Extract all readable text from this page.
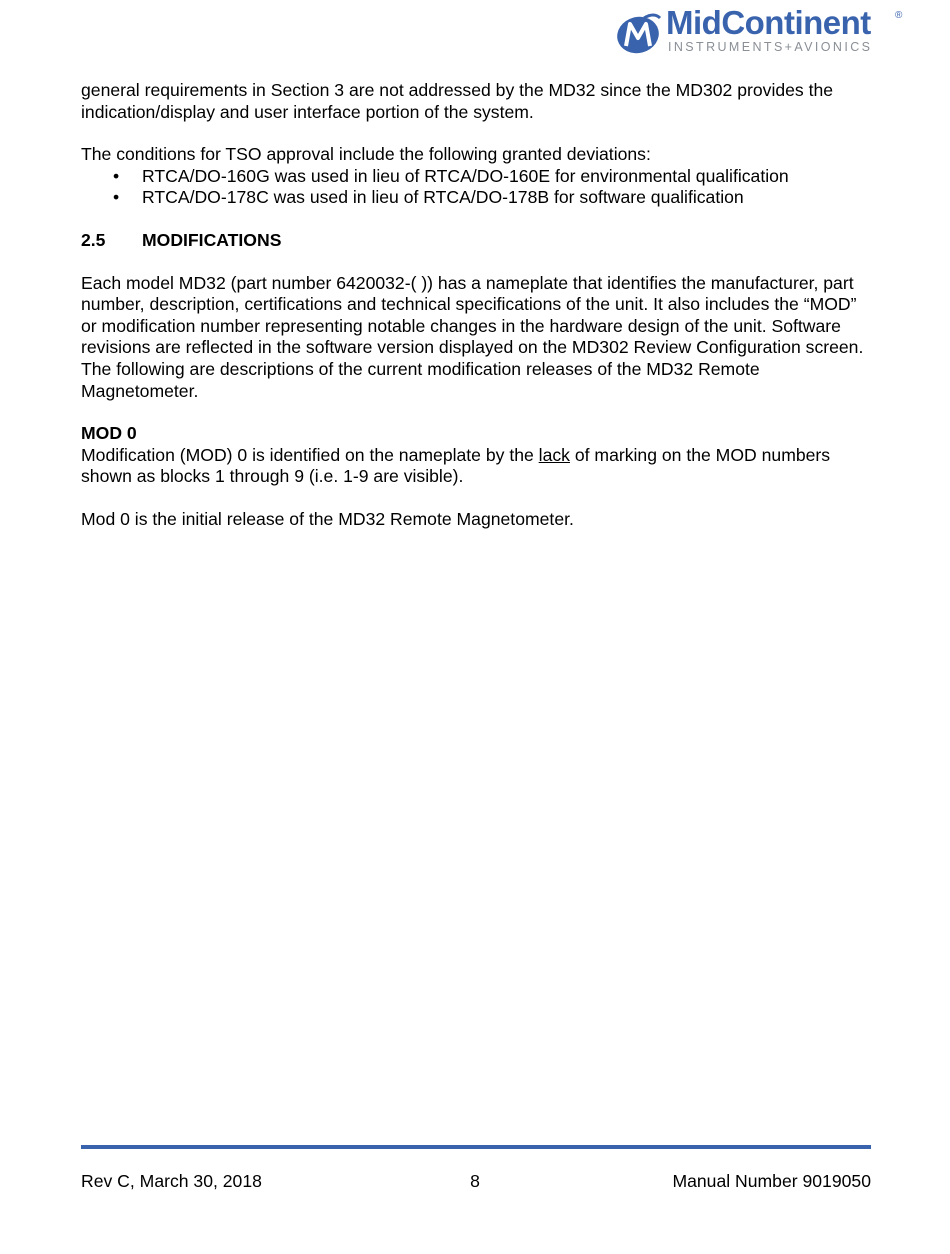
MidContinent ®
INSTRUMENTS+AVIONICS

general requirements in Section 3 are not addressed by the MD32 since the MD302 provides the indication/display and user interface portion of the system.

The conditions for TSO approval include the following granted deviations:

• RTCA/DO-160G was used in lieu of RTCA/DO-160E for environmental qualification
• RTCA/DO-178C was used in lieu of RTCA/DO-178B for software qualification
2.5	MODIFICATIONS

Each model MD32 (part number 6420032-( )) has a nameplate that identifies the manufacturer, part number, description, certifications and technical specifications of the unit. It also includes the “MOD” or modification number representing notable changes in the hardware design of the unit. Software revisions are reflected in the software version displayed on the MD302 Review Configuration screen. The following are descriptions of the current modification releases of the MD32 Remote Magnetometer.

MOD 0

Modification (MOD) 0 is identified on the nameplate by the lack of marking on the MOD numbers shown as blocks 1 through 9 (i.e. 1-9 are visible).

Mod 0 is the initial release of the MD32 Remote Magnetometer.

Rev C, March 30, 2018	8	Manual Number 9019050
